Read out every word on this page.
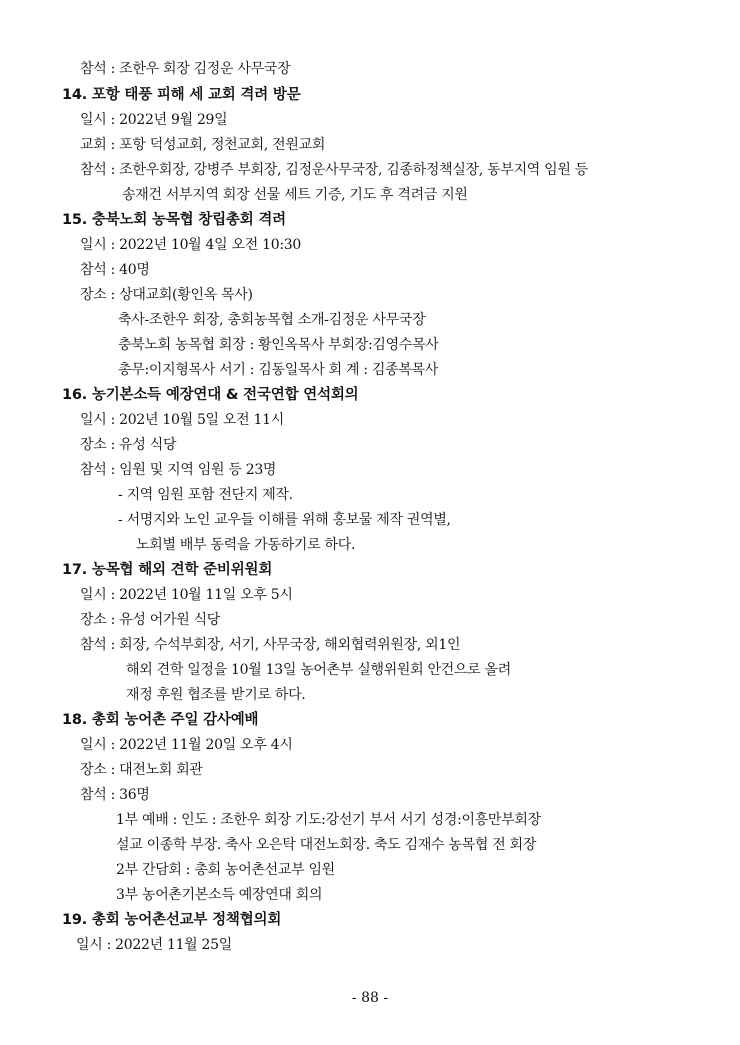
참석 : 조한우 회장 김정운 사무국장
14. 포항 태풍 피해 세 교회 격려 방문
일시 : 2022년 9월 29일
교회 : 포항 덕성교회, 정천교회, 전원교회
참석 : 조한우회장, 강병주 부회장, 김정운사무국장, 김종하정책실장, 동부지역 임원 등
송재건 서부지역 회장 선물 세트 기증, 기도 후 격려금 지원
15. 충북노회 농목협 창립총회 격려
일시 : 2022년 10월 4일 오전 10:30
참석 : 40명
장소 : 상대교회(황인옥 목사)
축사-조한우 회장, 총회농목협 소개-김정운 사무국장
충북노회 농목협 회장 : 황인옥목사 부회장:김영수목사
총무:이지형목사 서기 : 김동일목사 회 계 : 김종복목사
16. 농기본소득 예장연대 & 전국연합 연석회의
일시 : 202년 10월 5일 오전 11시
장소 : 유성 식당
참석 : 임원 및 지역 임원 등 23명
- 지역 임원 포함 전단지 제작.
- 서명지와 노인 교우들 이해를 위해 홍보물 제작 권역별,
노회별 배부 동력을 가동하기로 하다.
17. 농목협 해외 견학 준비위원회
일시 : 2022년 10월 11일 오후 5시
장소 : 유성 어가원 식당
참석 : 회장, 수석부회장, 서기, 사무국장, 해외협력위원장, 외1인
해외 견학 일정을 10월 13일 농어촌부 실행위원회 안건으로 올려
재정 후원 협조를 받기로 하다.
18. 총회 농어촌 주일 감사예배
일시 : 2022년 11월 20일 오후 4시
장소 : 대전노회 회관
참석 : 36명
1부 예배 : 인도 : 조한우 회장 기도:강선기 부서 서기 성경:이흥만부회장
설교 이종학 부장. 축사 오은탁 대전노회장. 축도 김재수 농목협 전 회장
2부 간담회 : 총회 농어촌선교부 임원
3부 농어촌기본소득 예장연대 회의
19. 총회 농어촌선교부 정책협의회
일시 : 2022년 11월 25일
- 88 -
